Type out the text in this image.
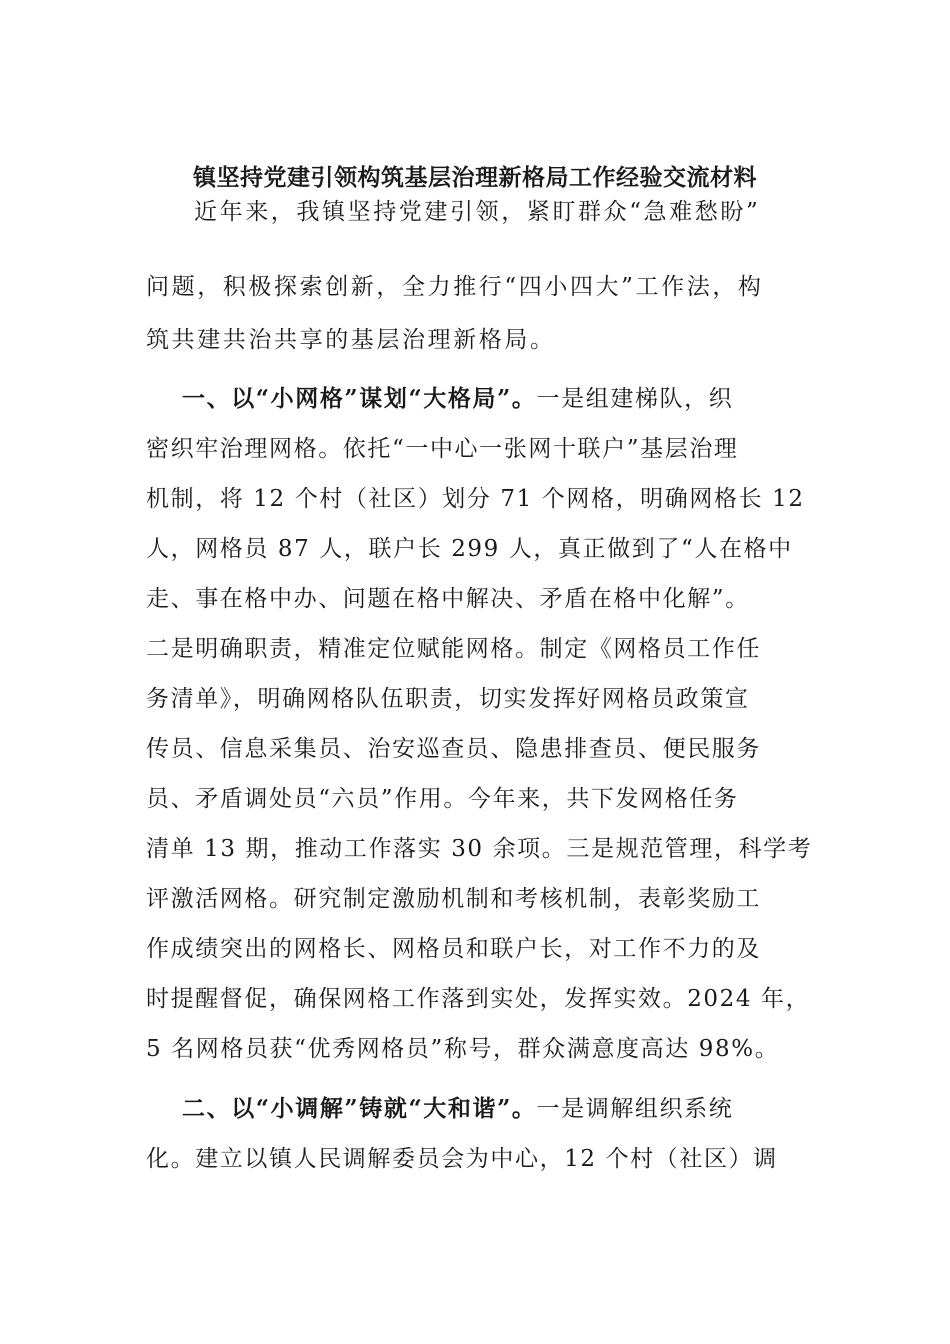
镇坚持党建引领构筑基层治理新格局工作经验交流材料
近年来，我镇坚持党建引领，紧盯群众“急难愁盼”
问题，积极探索创新，全力推行“四小四大”工作法，构
筑共建共治共享的基层治理新格局。
一、以“小网格”谋划“大格局”。一是组建梯队，织
密织牢治理网格。依托“一中心一张网十联户”基层治理
机制，将 12 个村（社区）划分 71 个网格，明确网格长 12
人，网格员 87 人，联户长 299 人，真正做到了“人在格中
走、事在格中办、问题在格中解决、矛盾在格中化解”。
二是明确职责，精准定位赋能网格。制定《网格员工作任
务清单》，明确网格队伍职责，切实发挥好网格员政策宣
传员、信息采集员、治安巡查员、隐患排查员、便民服务
员、矛盾调处员“六员”作用。今年来，共下发网格任务
清单 13 期，推动工作落实 30 余项。三是规范管理，科学考
评激活网格。研究制定激励机制和考核机制，表彰奖励工
作成绩突出的网格长、网格员和联户长，对工作不力的及
时提醒督促，确保网格工作落到实处，发挥实效。2024 年，
5 名网格员获“优秀网格员”称号，群众满意度高达 98%。
二、以“小调解”铸就“大和谐”。一是调解组织系统
化。建立以镇人民调解委员会为中心，12 个村（社区）调
